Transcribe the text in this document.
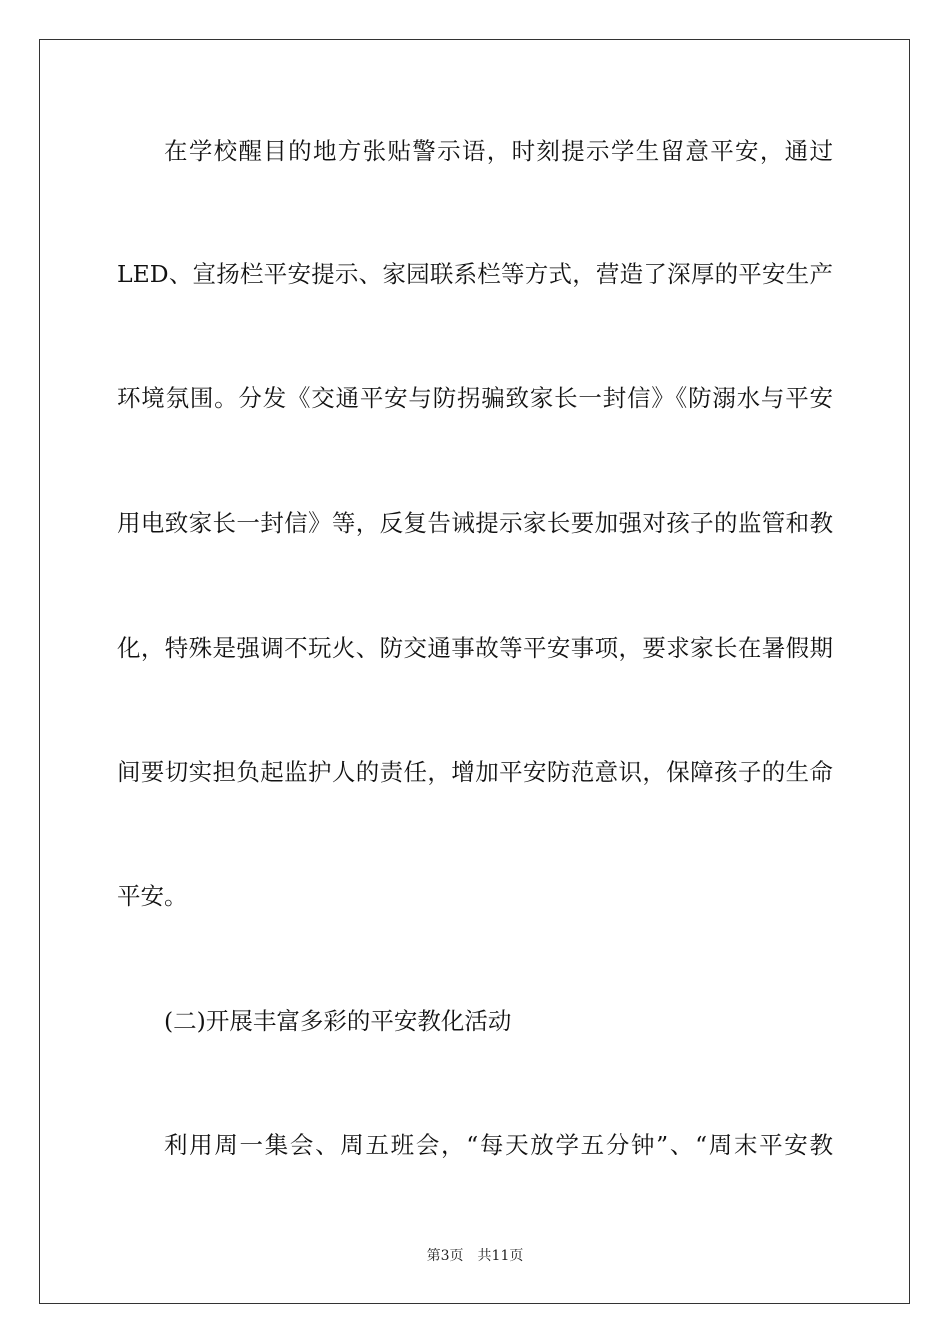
在学校醒目的地方张贴警示语，时刻提示学生留意平安，通过
LED、宣扬栏平安提示、家园联系栏等方式，营造了深厚的平安生产
环境氛围。分发《交通平安与防拐骗致家长一封信》《防溺水与平安
用电致家长一封信》等，反复告诫提示家长要加强对孩子的监管和教
化，特殊是强调不玩火、防交通事故等平安事项，要求家长在暑假期
间要切实担负起监护人的责任，增加平安防范意识，保障孩子的生命
平安。
(二)开展丰富多彩的平安教化活动
利用周一集会、周五班会，“每天放学五分钟”、“周末平安教
第3页 共11页
